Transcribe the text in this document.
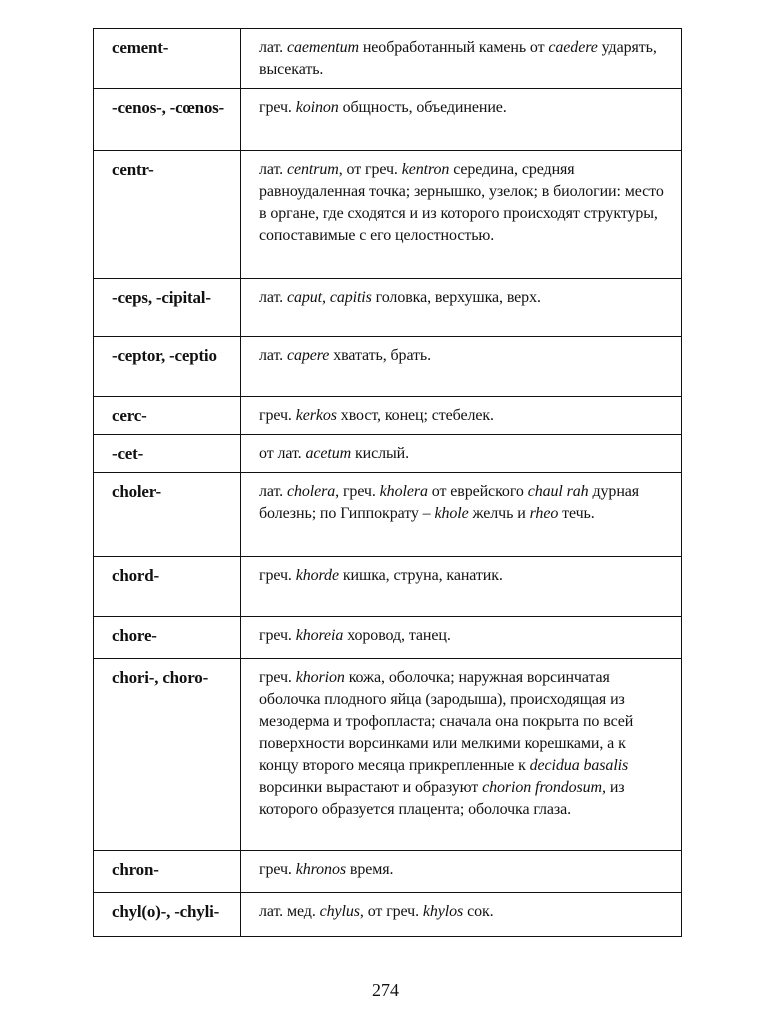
cement-	лат. caementum необработанный камень от caedere ударять, высекать.

-cenos-, -cœnos-	греч. koinon общность, объединение.

centr-	лат. centrum, от греч. kentron середина, средняя равноудаленная точка; зернышко, узелок; в биологии: место в органе, где сходятся и из которого происходят структуры, сопоставимые с его целостностью.

-ceps, -cipital-	лат. caput, capitis головка, верхушка, верх.

-ceptor, -ceptio	лат. capere хватать, брать.

cerc-	греч. kerkos хвост, конец; стебелек.

-cet-	от лат. acetum кислый.

choler-	лат. cholera, греч. kholera от еврейского chaul rah дурная болезнь; по Гиппократу – khole желчь и rheo течь.

chord-	греч. khorde кишка, струна, канатик.

chore-	греч. khoreia хоровод, танец.

chori-, choro-	греч. khorion кожа, оболочка; наружная ворсинчатая оболочка плодного яйца (зародыша), происходящая из мезодерма и трофопласта; сначала она покрыта по всей поверхности ворсинками или мелкими корешками, а к концу второго месяца прикрепленные к decidua basalis ворсинки вырастают и образуют chorion frondosum, из которого образуется плацента; оболочка глаза.

chron-	греч. khronos время.

chyl(o)-, -chyli-	лат. мед. chylus, от греч. khylos сок.
274
